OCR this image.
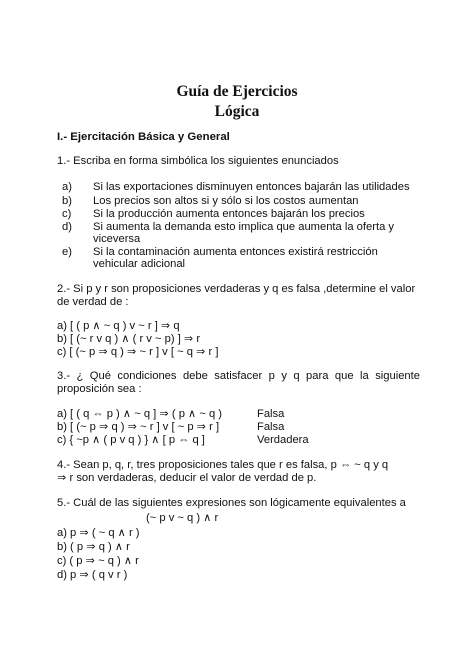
Guía de Ejercicios
Lógica
I.- Ejercitación Básica y General
1.- Escriba en forma simbólica los siguientes enunciados
a) Si las exportaciones disminuyen entonces bajarán las utilidades
b) Los precios son altos si y sólo si los costos aumentan
c) Si la producción aumenta entonces bajarán los precios
d) Si aumenta la demanda esto implica que aumenta la oferta y
viceversa
e) Si la contaminación aumenta entonces existirá restricción
vehicular adicional
2.- Si p y r son proposiciones verdaderas y q es falsa ,determine el valor
de verdad de :
a) [ ( p ∧ ~ q ) v ~ r ] ⇒ q
b) [ (~ r v q ) ∧ ( r v ~ p) ] ⇒ r
c) [ (~ p ⇒ q ) ⇒ ~ r ] v [ ~ q ⇒ r ]
3.- ¿ Qué condiciones debe satisfacer p y q para que la siguiente
proposición sea :
a) [ ( q ⇔ p ) ∧ ~ q ] ⇒ ( p ∧ ~ q )	Falsa
b) [ (~ p ⇒ q ) ⇒ ~ r ] v [ ~ p ⇒ r ]	Falsa
c) { ~p ∧ ( p v q ) } ∧ [ p ⇔ q ]	Verdadera
4.- Sean p, q, r, tres proposiciones tales que r es falsa, p ⇔ ~ q y q
⇒ r son verdaderas, deducir el valor de verdad de p.
5.- Cuál de las siguientes expresiones son lógicamente equivalentes a
(~ p v ~ q ) ∧ r
a) p ⇒ ( ~ q ∧ r )
b) ( p ⇒ q ) ∧ r
c) ( p ⇒ ~ q ) ∧ r
d) p ⇒ ( q v r )
